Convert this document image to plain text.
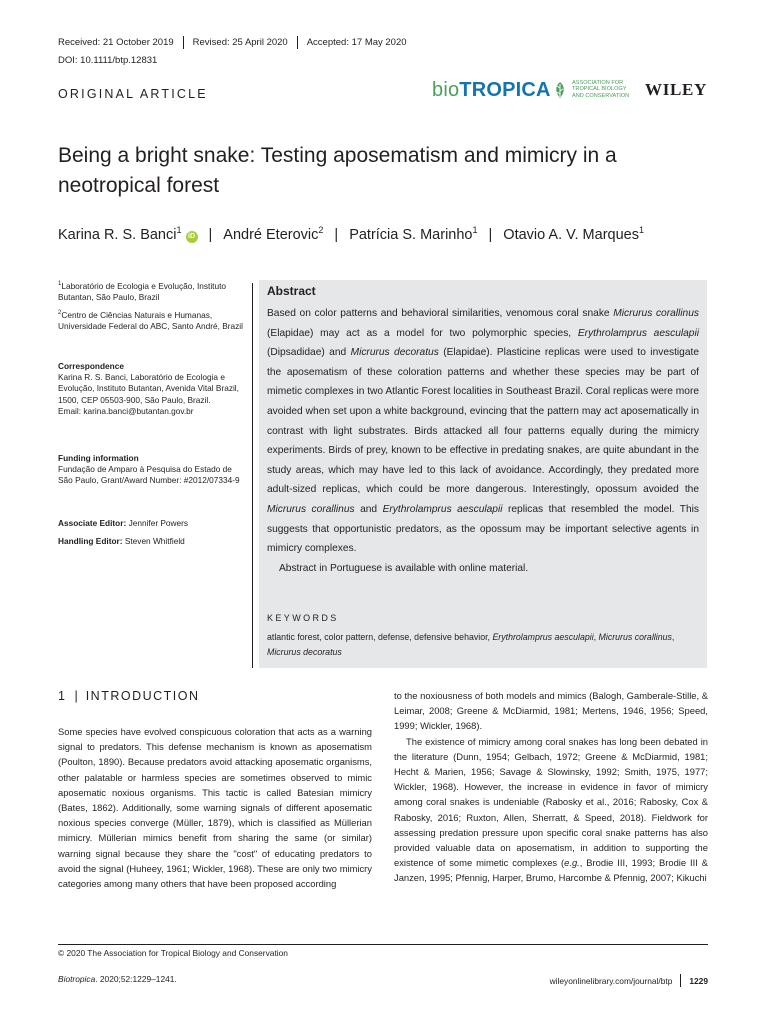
Received: 21 October 2019 Revised: 25 April 2020 Accepted: 17 May 2020
DOI: 10.1111/btp.12831
ORIGINAL ARTICLE	bioTROPICA	ASSOCIATION FOR
TROPICAL BIOLOGY
AND CONSERVATION WILEY
Being a bright snake: Testing aposematism and mimicry in a neotropical forest
Karina R. S. Banci$^1$iD | André Eterovic$^2$ | Patrícia S. Marinho$^1$ | Otavio A. V. Marques$^1$
$^1$Laboratório de Ecologia e Evolução, Instituto Butantan, São Paulo, Brazil
$^2$Centro de Ciências Naturais e Humanas, Universidade Federal do ABC, Santo André, Brazil
Correspondence
Karina R. S. Banci, Laboratório de Ecologia e Evolução, Instituto Butantan, Avenida Vital Brazil, 1500, CEP 05503-900, São Paulo, Brazil.
Email: karina.banci@butantan.gov.br
Funding information
Fundação de Amparo à Pesquisa do Estado de São Paulo, Grant/Award Number: #2012/07334-9
Associate Editor: Jennifer Powers
Handling Editor: Steven Whitfield
Abstract

Based on color patterns and behavioral similarities, venomous coral snake Micrurus corallinus (Elapidae) may act as a model for two polymorphic species, Erythrolamprus aesculapii (Dipsadidae) and Micrurus decoratus (Elapidae). Plasticine replicas were used to investigate the aposematism of these coloration patterns and whether these species may be part of mimetic complexes in two Atlantic Forest localities in Southeast Brazil. Coral replicas were more avoided when set upon a white background, evincing that the pattern may act aposematically in contrast with light substrates. Birds attacked all four patterns equally during the mimicry experiments. Birds of prey, known to be effective in predating snakes, are quite abundant in the study areas, which may have led to this lack of avoidance. Accordingly, they predated more adult-sized replicas, which could be more dangerous. Interestingly, opossum avoided the Micrurus corallinus and Erythrolamprus aesculapii replicas that resembled the model. This suggests that opportunistic predators, as the opossum may be important selective agents in mimicry complexes.

Abstract in Portuguese is available with online material.

KEYWORDS
atlantic forest, color pattern, defense, defensive behavior, Erythrolamprus aesculapii, Micrurus corallinus, Micrurus decoratus
1 | INTRODUCTION

Some species have evolved conspicuous coloration that acts as a warning signal to predators. This defense mechanism is known as aposematism (Poulton, 1890). Because predators avoid attacking aposematic organisms, other palatable or harmless species are sometimes observed to mimic aposematic noxious organisms. This tactic is called Batesian mimicry (Bates, 1862). Additionally, some warning signals of different aposematic noxious species converge (Müller, 1879), which is classified as Müllerian mimicry. Müllerian mimics benefit from sharing the same (or similar) warning signal because they share the "cost" of educating predators to avoid the signal (Huheey, 1961; Wickler, 1968). These are only two mimicry categories among many others that have been proposed according

to the noxiousness of both models and mimics (Balogh, Gamberale-Stille, & Leimar, 2008; Greene & McDiarmid, 1981; Mertens, 1946, 1956; Speed, 1999; Wickler, 1968).

The existence of mimicry among coral snakes has long been debated in the literature (Dunn, 1954; Gelbach, 1972; Greene & McDiarmid, 1981; Hecht & Marien, 1956; Savage & Slowinsky, 1992; Smith, 1975, 1977; Wickler, 1968). However, the increase in evidence in favor of mimicry among coral snakes is undeniable (Rabosky et al., 2016; Rabosky, Cox & Rabosky, 2016; Ruxton, Allen, Sherratt, & Speed, 2018). Fieldwork for assessing predation pressure upon specific coral snake patterns has also provided valuable data on aposematism, in addition to supporting the existence of some mimetic complexes (e.g., Brodie III, 1993; Brodie III & Janzen, 1995; Pfennig, Harper, Brumo, Harcombe & Pfennig, 2007; Kikuchi

© 2020 The Association for Tropical Biology and Conservation
Biotropica. 2020;52:1229–1241.	wileyonlinelibrary.com/journal/btp 1229
